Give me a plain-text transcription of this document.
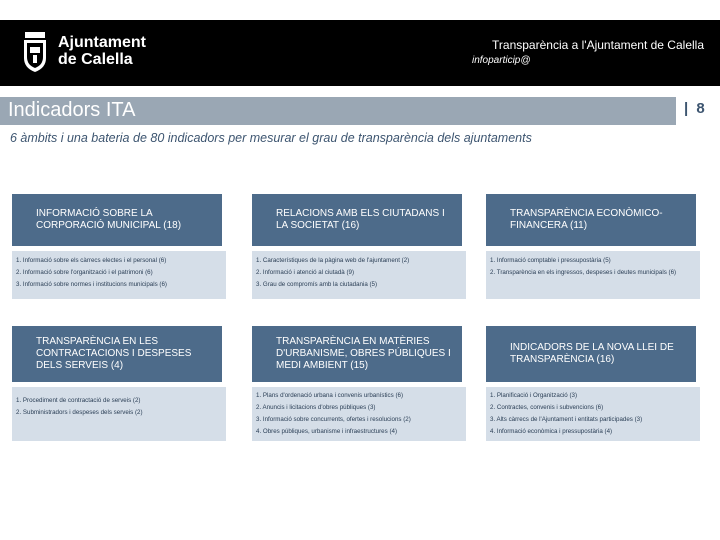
Ajuntament
de Calella
Transparència a l'Ajuntament de Calella
infoparticip@
Indicadors ITA	| 8
6 àmbits i una bateria de 80 indicadors per mesurar el grau de transparència dels ajuntaments
INFORMACIÓ SOBRE LA CORPORACIÓ MUNICIPAL (18)
1. Informació sobre els càrrecs electes i el personal (6)
2. Informació sobre l'organització i el patrimoni (6)
3. Informació sobre normes i institucions municipals (6)
RELACIONS AMB ELS CIUTADANS I LA SOCIETAT (16)
1. Característiques de la pàgina web de l'ajuntament (2)
2. Informació i atenció al ciutadà (9)
3. Grau de compromís amb la ciutadania (5)
TRANSPARÈNCIA ECONÒMICO-FINANCERA (11)
1. Informació comptable i pressupostària (5)
2. Transparència en els ingressos, despeses i deutes municipals (6)
TRANSPARÈNCIA EN LES CONTRACTACIONS I DESPESES DELS SERVEIS (4)
1. Procediment de contractació de serveis (2)
2. Subministradors i despeses dels serveis (2)
TRANSPARÈNCIA EN MATÈRIES D'URBANISME, OBRES PÚBLIQUES I MEDI AMBIENT (15)
1. Plans d'ordenació urbana i convenis urbanístics (6)
2. Anuncis i licitacions d'obres públiques (3)
3. Informació sobre concurrents, ofertes i resolucions (2)
4. Obres públiques, urbanisme i infraestructures (4)
INDICADORS DE LA NOVA LLEI DE TRANSPARÈNCIA (16)
1. Planificació i Organització (3)
2. Contractes, convenis i subvencions (6)
3. Alts càrrecs de l'Ajuntament i entitats participades (3)
4. Informació econòmica i pressupostària (4)
